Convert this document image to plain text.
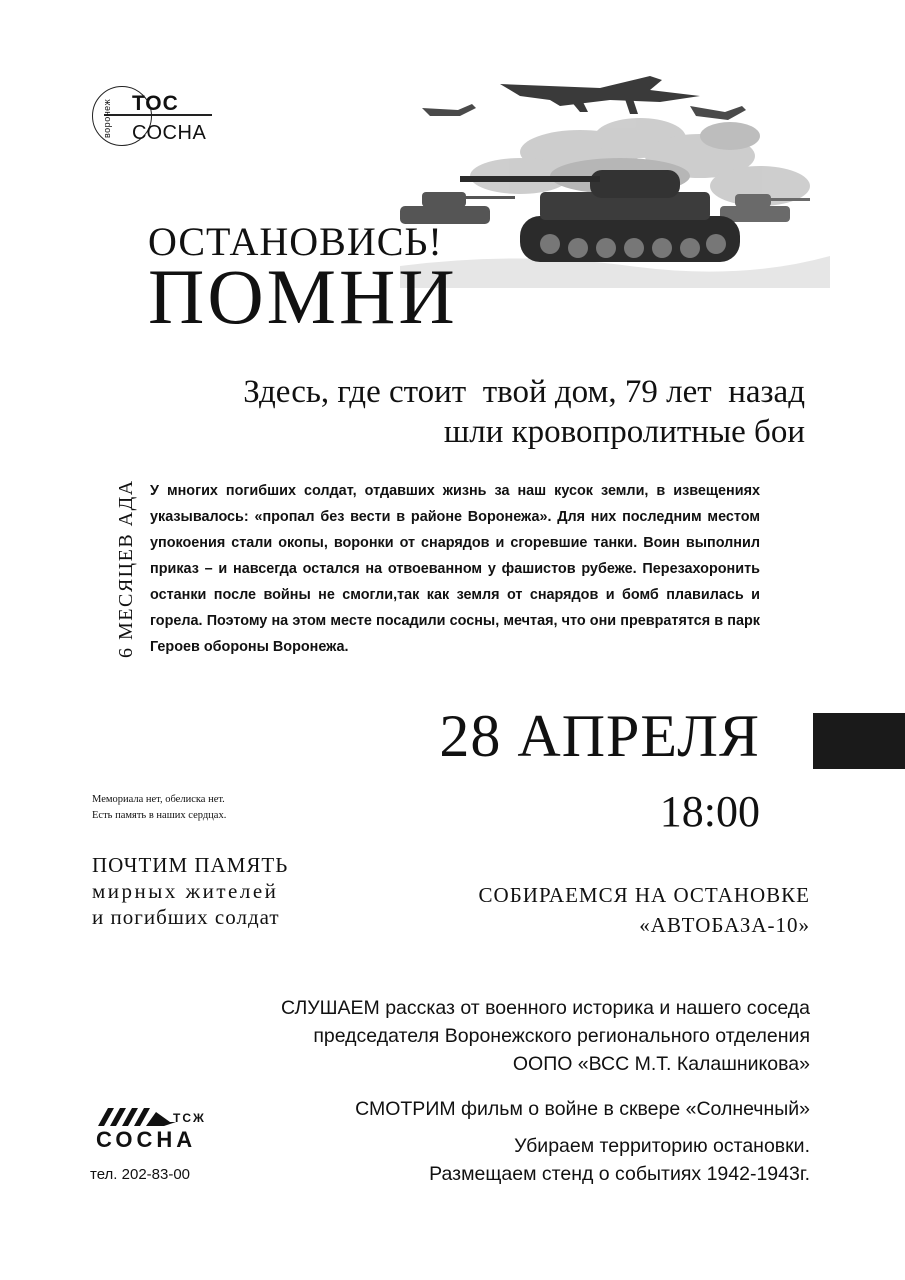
воронеж ТОС
СОСНА
ОСТАНОВИСЬ!
ПОМНИ
Здесь, где стоит  твой дом, 79 лет  назад
шли кровопролитные бои
6 МЕСЯЦЕВ АДА У многих погибших солдат, отдавших жизнь за наш кусок земли, в извещениях указывалось: «пропал без вести в районе Воронежа». Для них последним местом упокоения стали окопы, воронки от снарядов и сгоревшие танки. Воин выполнил приказ – и навсегда остался на отвоеванном у фашистов рубеже. Перезахоронить останки после войны не смогли,так как земля от снарядов и бомб плавилась и горела. Поэтому на этом месте посадили сосны, мечтая, что они превратятся в парк Героев обороны Воронежа.
28 АПРЕЛЯ
18:00
Мемориала нет, обелиска нет.
Есть память в наших сердцах.
ПОЧТИМ ПАМЯТЬ
мирных жителей
и погибших солдат
СОБИРАЕМСЯ НА ОСТАНОВКЕ
«АВТОБАЗА-10»
СЛУШАЕМ рассказ от военного историка и нашего соседа
председателя Воронежского регионального отделения
ООПО «ВСС М.Т. Калашникова»
СМОТРИМ фильм о войне в сквере «Солнечный»
Убираем территорию остановки.
Размещаем стенд о событиях 1942-1943г.
ТСЖ
СОСНА
тел. 202-83-00
